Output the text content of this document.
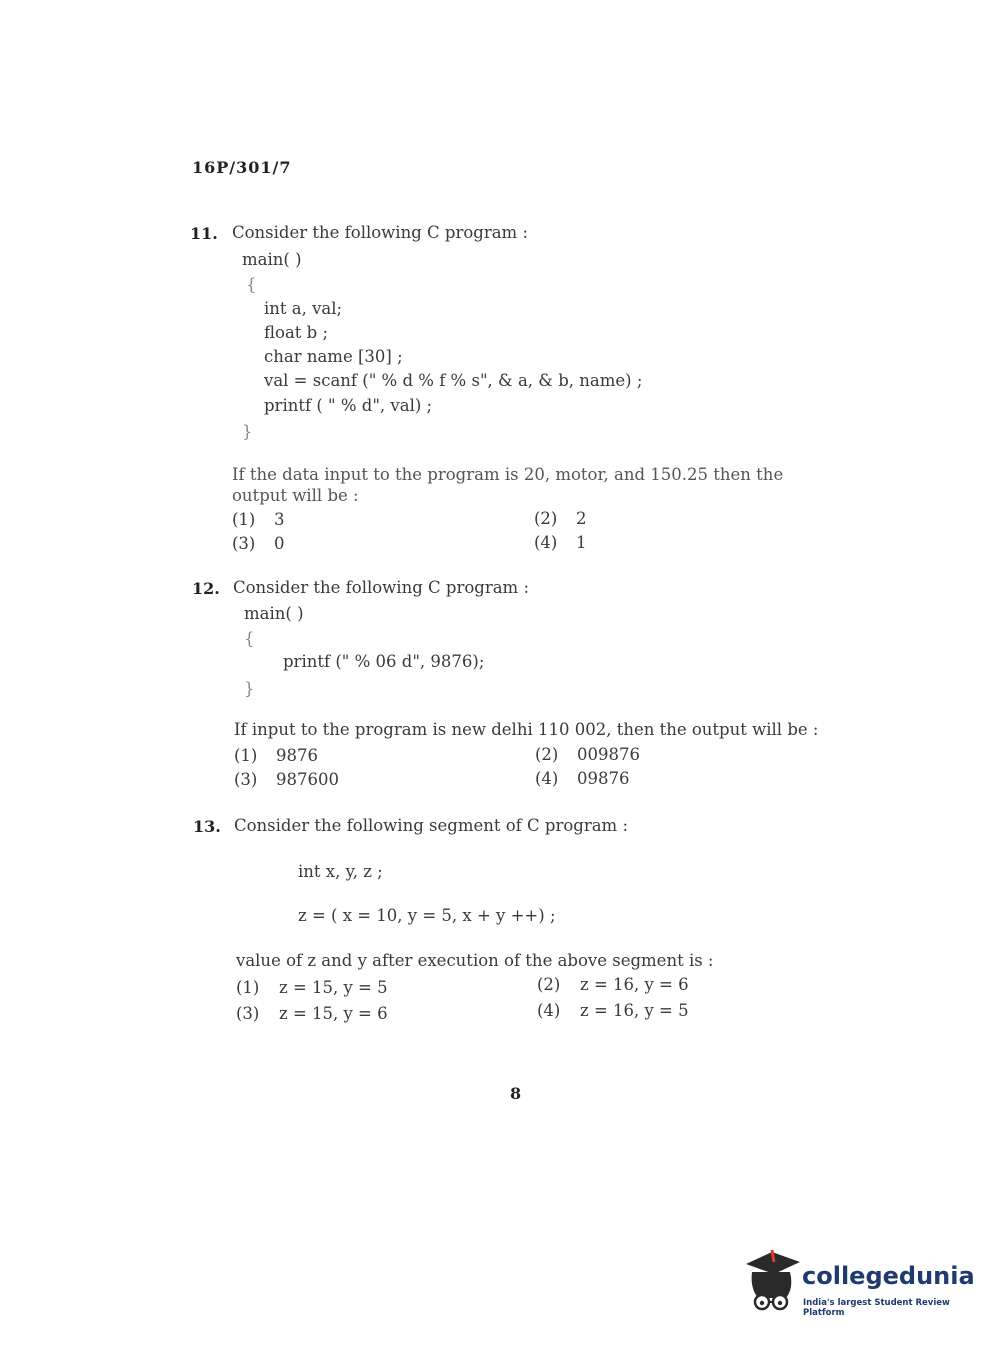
16P/301/7
11. Consider the following C program :
main( )
{
int a, val;
float b ;
char name [30] ;
val = scanf (" % d % f % s", & a, & b, name) ;
printf ( " % d", val) ;
}
If the data input to the program is 20, motor, and 150.25 then the
output will be :
(1) 3	(2) 2
(3) 0	(4) 1
12. Consider the following C program :
main( )
{
printf (" % 06 d", 9876);
}
If input to the program is new delhi 110 002, then the output will be :
(1) 9876	(2) 009876
(3) 987600	(4) 09876
13. Consider the following segment of C program :
int x, y, z ;
z = ( x = 10, y = 5, x + y ++) ;
value of z and y after execution of the above segment is :
(1) z = 15, y = 5	(2) z = 16, y = 6
(3) z = 15, y = 6	(4) z = 16, y = 5
8
collegedunia
India's largest Student Review Platform
